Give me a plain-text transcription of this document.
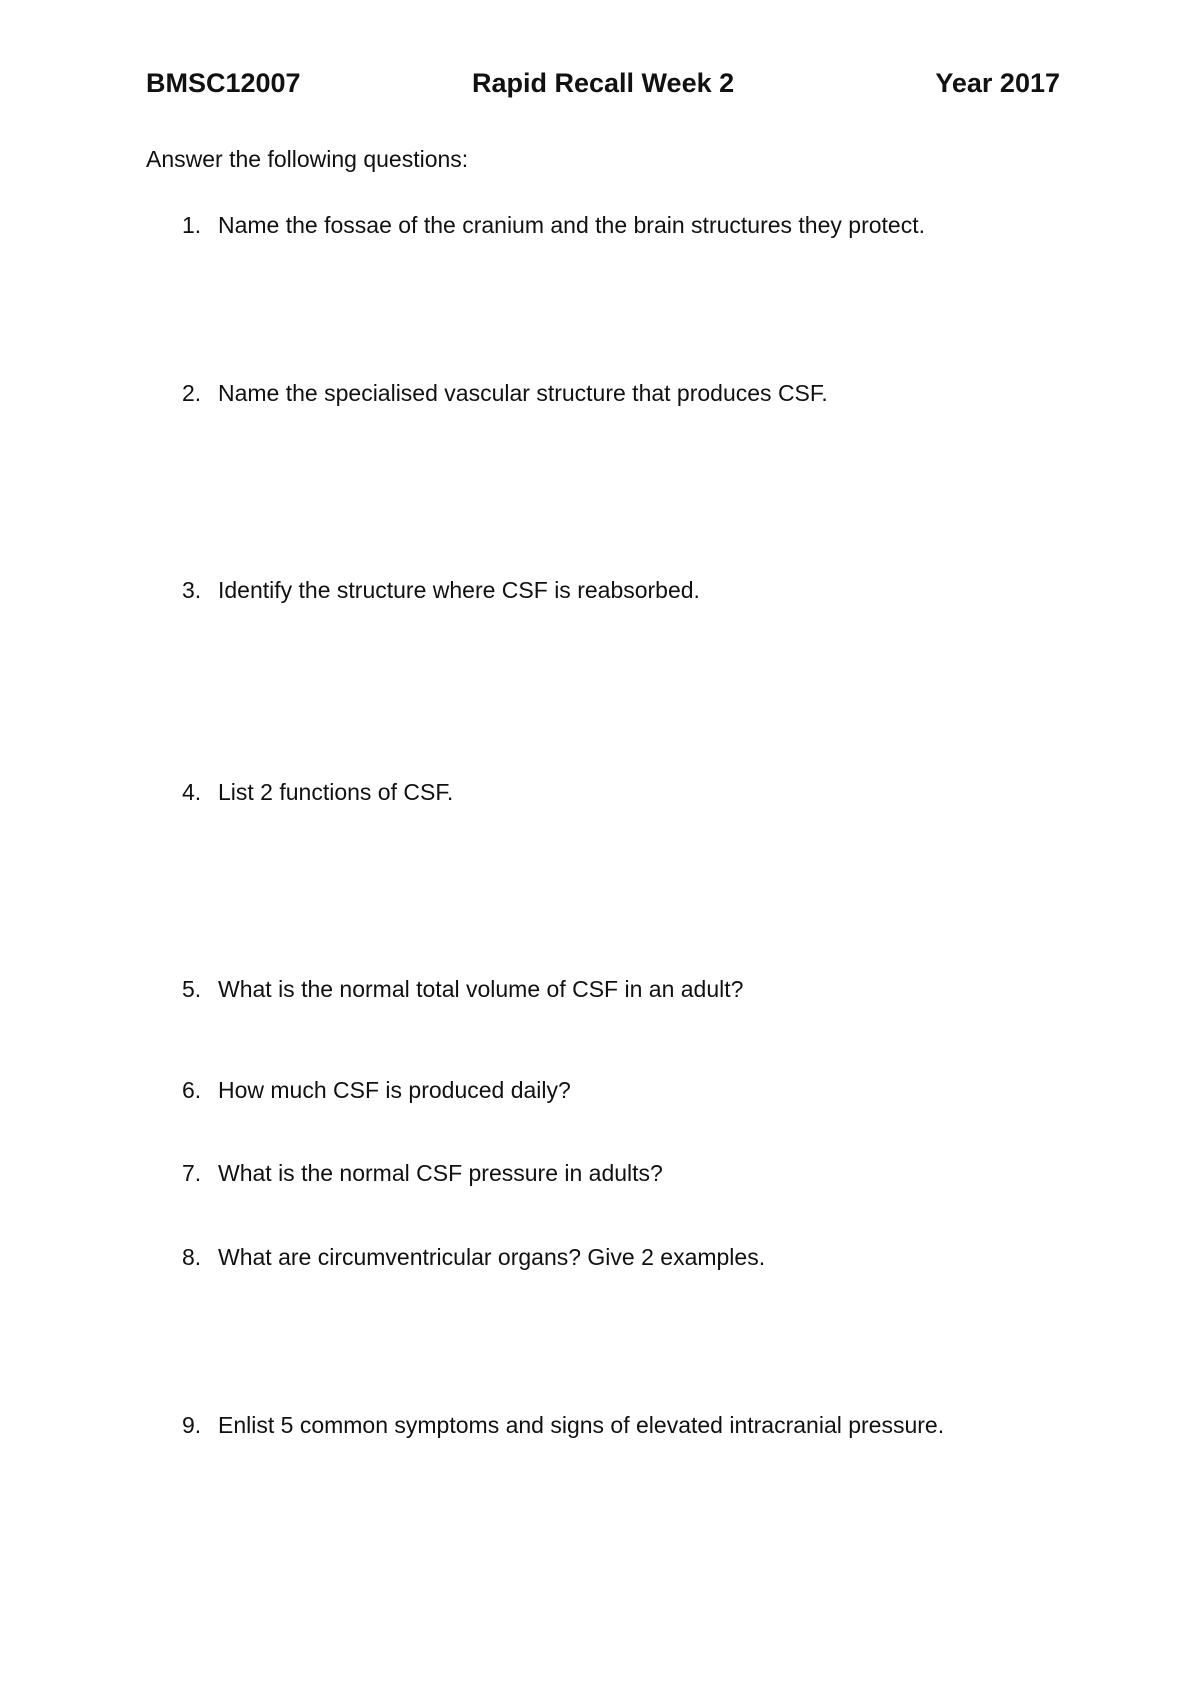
BMSC12007	Rapid Recall Week 2	Year 2017
Answer the following questions:
1. Name the fossae of the cranium and the brain structures they protect.
2. Name the specialised vascular structure that produces CSF.
3. Identify the structure where CSF is reabsorbed.
4. List 2 functions of CSF.
5. What is the normal total volume of CSF in an adult?
6. How much CSF is produced daily?
7. What is the normal CSF pressure in adults?
8. What are circumventricular organs? Give 2 examples.
9. Enlist 5 common symptoms and signs of elevated intracranial pressure.
